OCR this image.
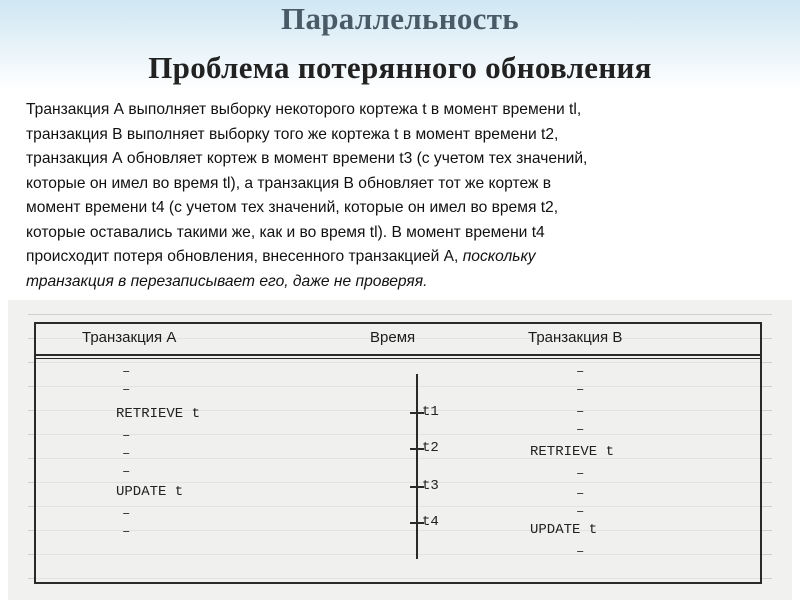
Параллельность
Проблема потерянного обновления
Транзакция А выполняет выборку некоторого кортежа t в момент времени tl,
транзакция В выполняет выборку того же кортежа t в момент времени t2,
транзакция А обновляет кортеж в момент времени t3 (с учетом тех значений,
которые он имел во время tl), а транзакция В обновляет тот же кортеж в
момент времени t4 (с учетом тех значений, которые он имел во время t2,
которые оставались такими же, как и во время tl). В момент времени t4
происходит потеря обновления, внесенного транзакцией А, поскольку
транзакция в перезаписывает его, даже не проверяя.
Транзакция А	Время	Транзакция В
–
–
RETRIEVE t
–
–
–
UPDATE t
–
–
t1
t2
t3
t4
–
–
–
–
RETRIEVE t
–
–
–
UPDATE t
–
